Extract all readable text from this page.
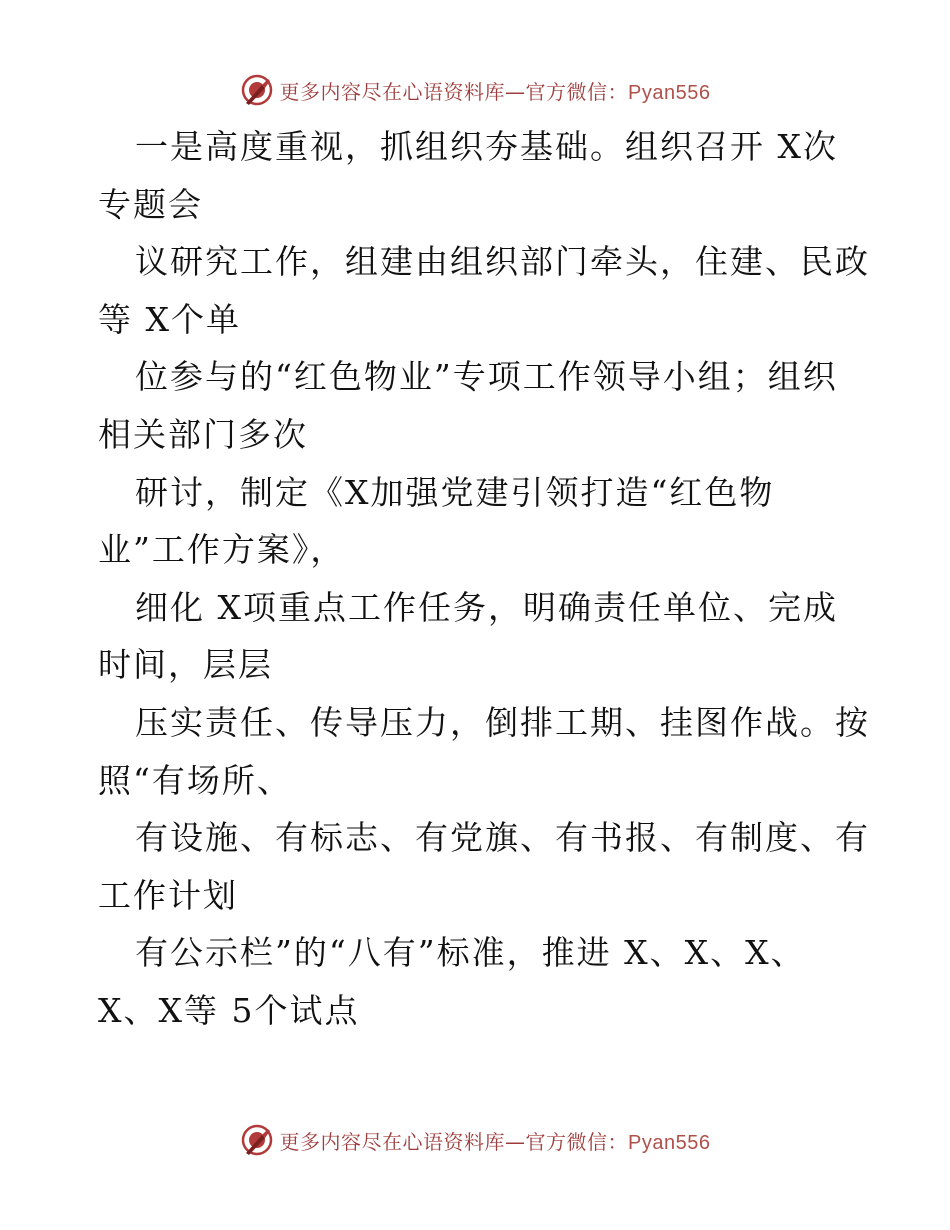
更多内容尽在心语资料库—官方微信：Pyan556
一是高度重视，抓组织夯基础。组织召开 X次
专题会
议研究工作，组建由组织部门牵头，住建、民政
等 X个单
位参与的“红色物业”专项工作领导小组；组织
相关部门多次
研讨，制定《X加强党建引领打造“红色物
业”工作方案》，
细化 X项重点工作任务，明确责任单位、完成
时间，层层
压实责任、传导压力，倒排工期、挂图作战。按
照“有场所、
有设施、有标志、有党旗、有书报、有制度、有
工作计划
有公示栏”的“八有”标准，推进 X、X、X、
X、X等 5个试点
更多内容尽在心语资料库—官方微信：Pyan556
